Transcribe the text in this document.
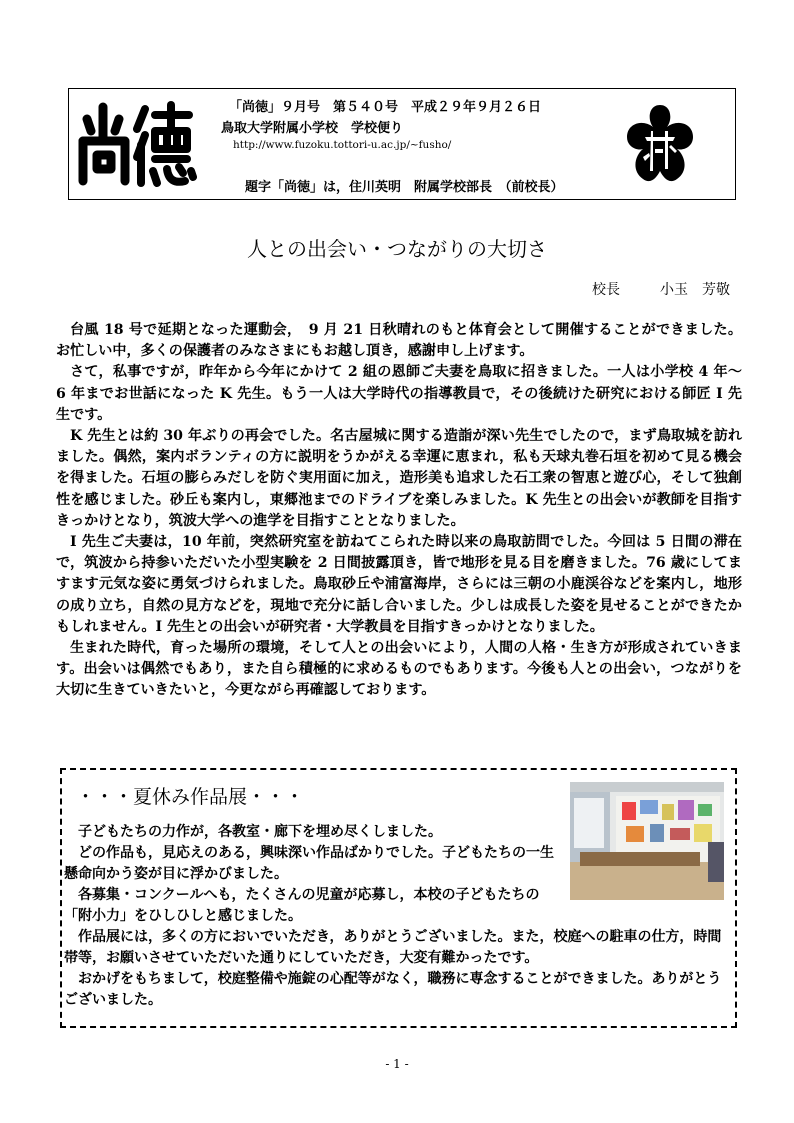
「尚徳」９月号　第５４０号　平成２９年９月２６日
鳥取大学附属小学校　学校便り
http://www.fuzoku.tottori-u.ac.jp/~fusho/
題字「尚徳」は，住川英明　附属学校部長　（前校長）
人との出会い・つながりの大切さ
校長	小玉　芳敬

台風 18 号で延期となった運動会，　9 月 21 日秋晴れのもと体育会として開催することができました。お忙しい中，多くの保護者のみなさまにもお越し頂き，感謝申し上げます。

さて，私事ですが，昨年から今年にかけて 2 組の恩師ご夫妻を鳥取に招きました。一人は小学校 4 年～ 6 年までお世話になった K 先生。もう一人は大学時代の指導教員で，その後続けた研究における師匠 I 先生です。

K 先生とは約 30 年ぶりの再会でした。名古屋城に関する造詣が深い先生でしたので，まず鳥取城を訪れました。偶然，案内ボランティの方に説明をうかがえる幸運に恵まれ，私も天球丸巻石垣を初めて見る機会を得ました。石垣の膨らみだしを防ぐ実用面に加え，造形美も追求した石工衆の智恵と遊び心，そして独創性を感じました。砂丘も案内し，東郷池までのドライブを楽しみました。K 先生との出会いが教師を目指すきっかけとなり，筑波大学への進学を目指すこととなりました。

I 先生ご夫妻は，10 年前，突然研究室を訪ねてこられた時以来の鳥取訪問でした。今回は 5 日間の滞在で，筑波から持参いただいた小型実験を 2 日間披露頂き，皆で地形を見る目を磨きました。76 歳にしてますます元気な姿に勇気づけられました。鳥取砂丘や浦富海岸，さらには三朝の小鹿渓谷などを案内し，地形の成り立ち，自然の見方などを，現地で充分に話し合いました。少しは成長した姿を見せることができたかもしれません。I 先生との出会いが研究者・大学教員を目指すきっかけとなりました。

生まれた時代，育った場所の環境，そして人との出会いにより，人間の人格・生き方が形成されていきます。出会いは偶然でもあり，また自ら積極的に求めるものでもあります。今後も人との出会い，つながりを大切に生きていきたいと，今更ながら再確認しております。

・・・夏休み作品展・・・

子どもたちの力作が，各教室・廊下を埋め尽くしました。

どの作品も，見応えのある，興味深い作品ばかりでした。子どもたちの一生懸命向かう姿が目に浮かびました。

各募集・コンクールへも，たくさんの児童が応募し，本校の子どもたちの「附小力」をひしひしと感じました。

作品展には，多くの方においでいただき，ありがとうございました。また，校庭への駐車の仕方，時間帯等，お願いさせていただいた通りにしていただき，大変有難かったです。

おかげをもちまして，校庭整備や施錠の心配等がなく，職務に専念することができました。ありがとうございました。

- 1 -
